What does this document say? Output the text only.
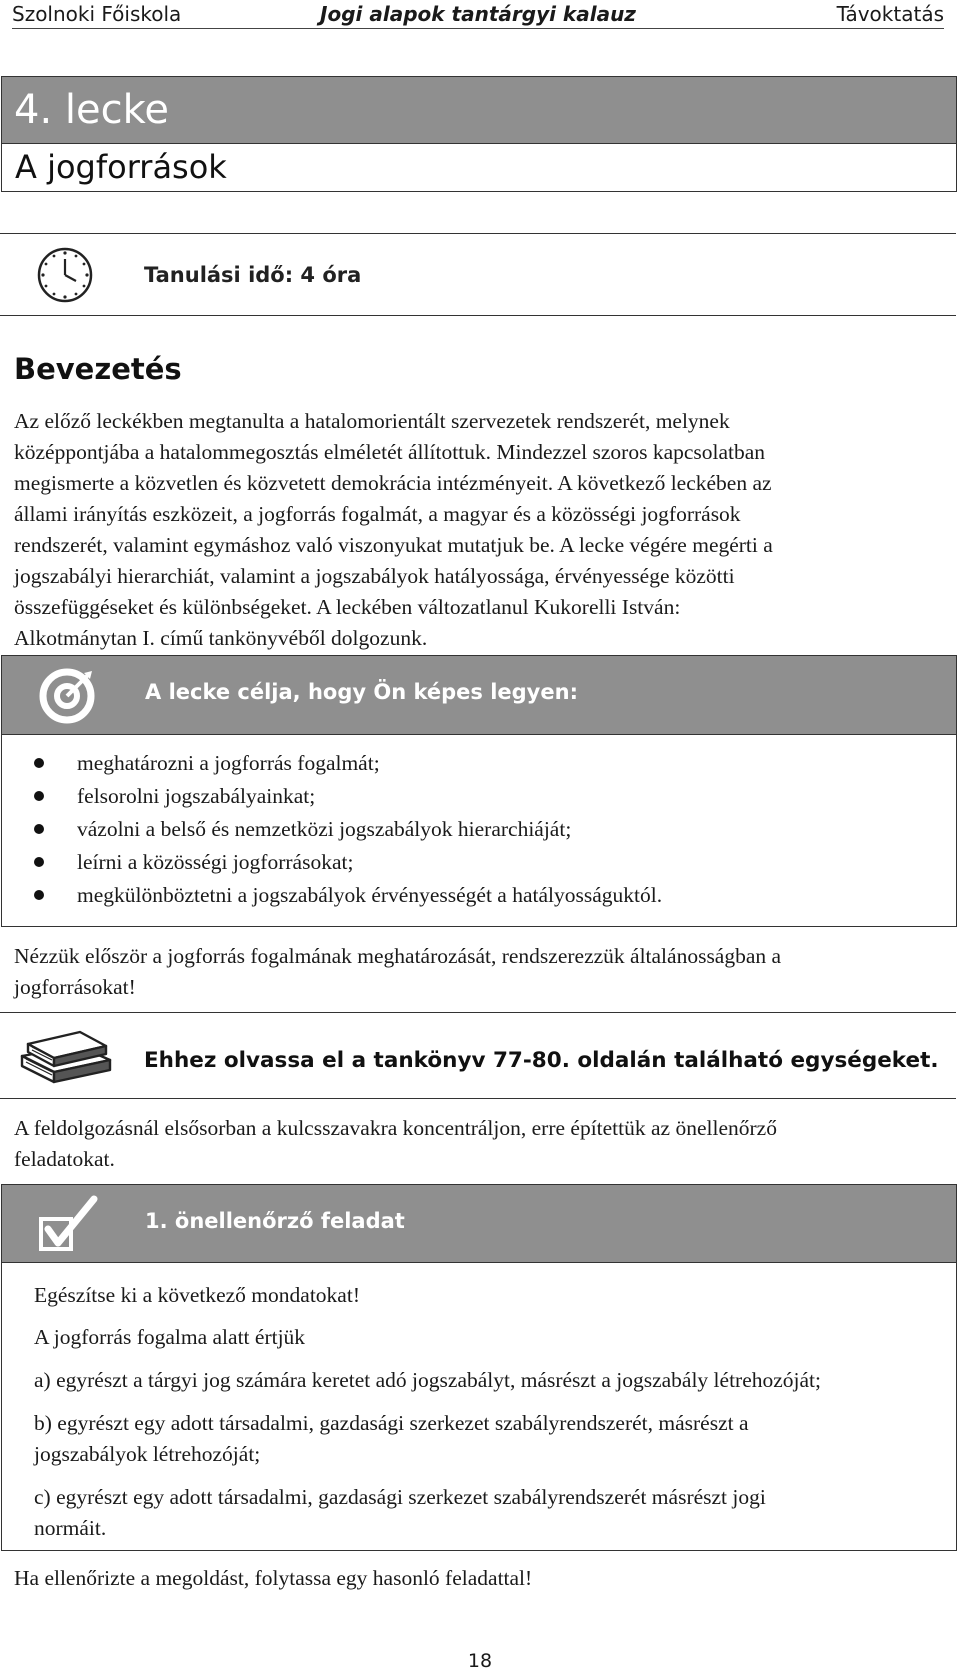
Szolnoki Főiskola	Jogi alapok tantárgyi kalauz	Távoktatás
4. lecke
A jogforrások
Tanulási idő: 4 óra
Bevezetés
Az előző leckékben megtanulta a hatalomorientált szervezetek rendszerét, melynek
középpontjába a hatalommegosztás elméletét állítottuk. Mindezzel szoros kapcsolatban
megismerte a közvetlen és közvetett demokrácia intézményeit. A következő leckében az
állami irányítás eszközeit, a jogforrás fogalmát, a magyar és a közösségi jogforrások
rendszerét, valamint egymáshoz való viszonyukat mutatjuk be. A lecke végére megérti a
jogszabályi hierarchiát, valamint a jogszabályok hatályossága, érvényessége közötti
összefüggéseket és különbségeket. A leckében változatlanul Kukorelli István:
Alkotmánytan I. című tankönyvéből dolgozunk.
A lecke célja, hogy Ön képes legyen:
meghatározni a jogforrás fogalmát;
felsorolni jogszabályainkat;
vázolni a belső és nemzetközi jogszabályok hierarchiáját;
leírni a közösségi jogforrásokat;
megkülönböztetni a jogszabályok érvényességét a hatályosságuktól.
Nézzük először a jogforrás fogalmának meghatározását, rendszerezzük általánosságban a
jogforrásokat!
Ehhez olvassa el a tankönyv 77-80. oldalán található egységeket.
A feldolgozásnál elsősorban a kulcsszavakra koncentráljon, erre építettük az önellenőrző
feladatokat.
1. önellenőrző feladat
Egészítse ki a következő mondatokat!
A jogforrás fogalma alatt értjük
a) egyrészt a tárgyi jog számára keretet adó jogszabályt, másrészt a jogszabály létrehozóját;
b) egyrészt egy adott társadalmi, gazdasági szerkezet szabályrendszerét, másrészt a
jogszabályok létrehozóját;
c) egyrészt egy adott társadalmi, gazdasági szerkezet szabályrendszerét másrészt jogi
normáit.
Ha ellenőrizte a megoldást, folytassa egy hasonló feladattal!
18
